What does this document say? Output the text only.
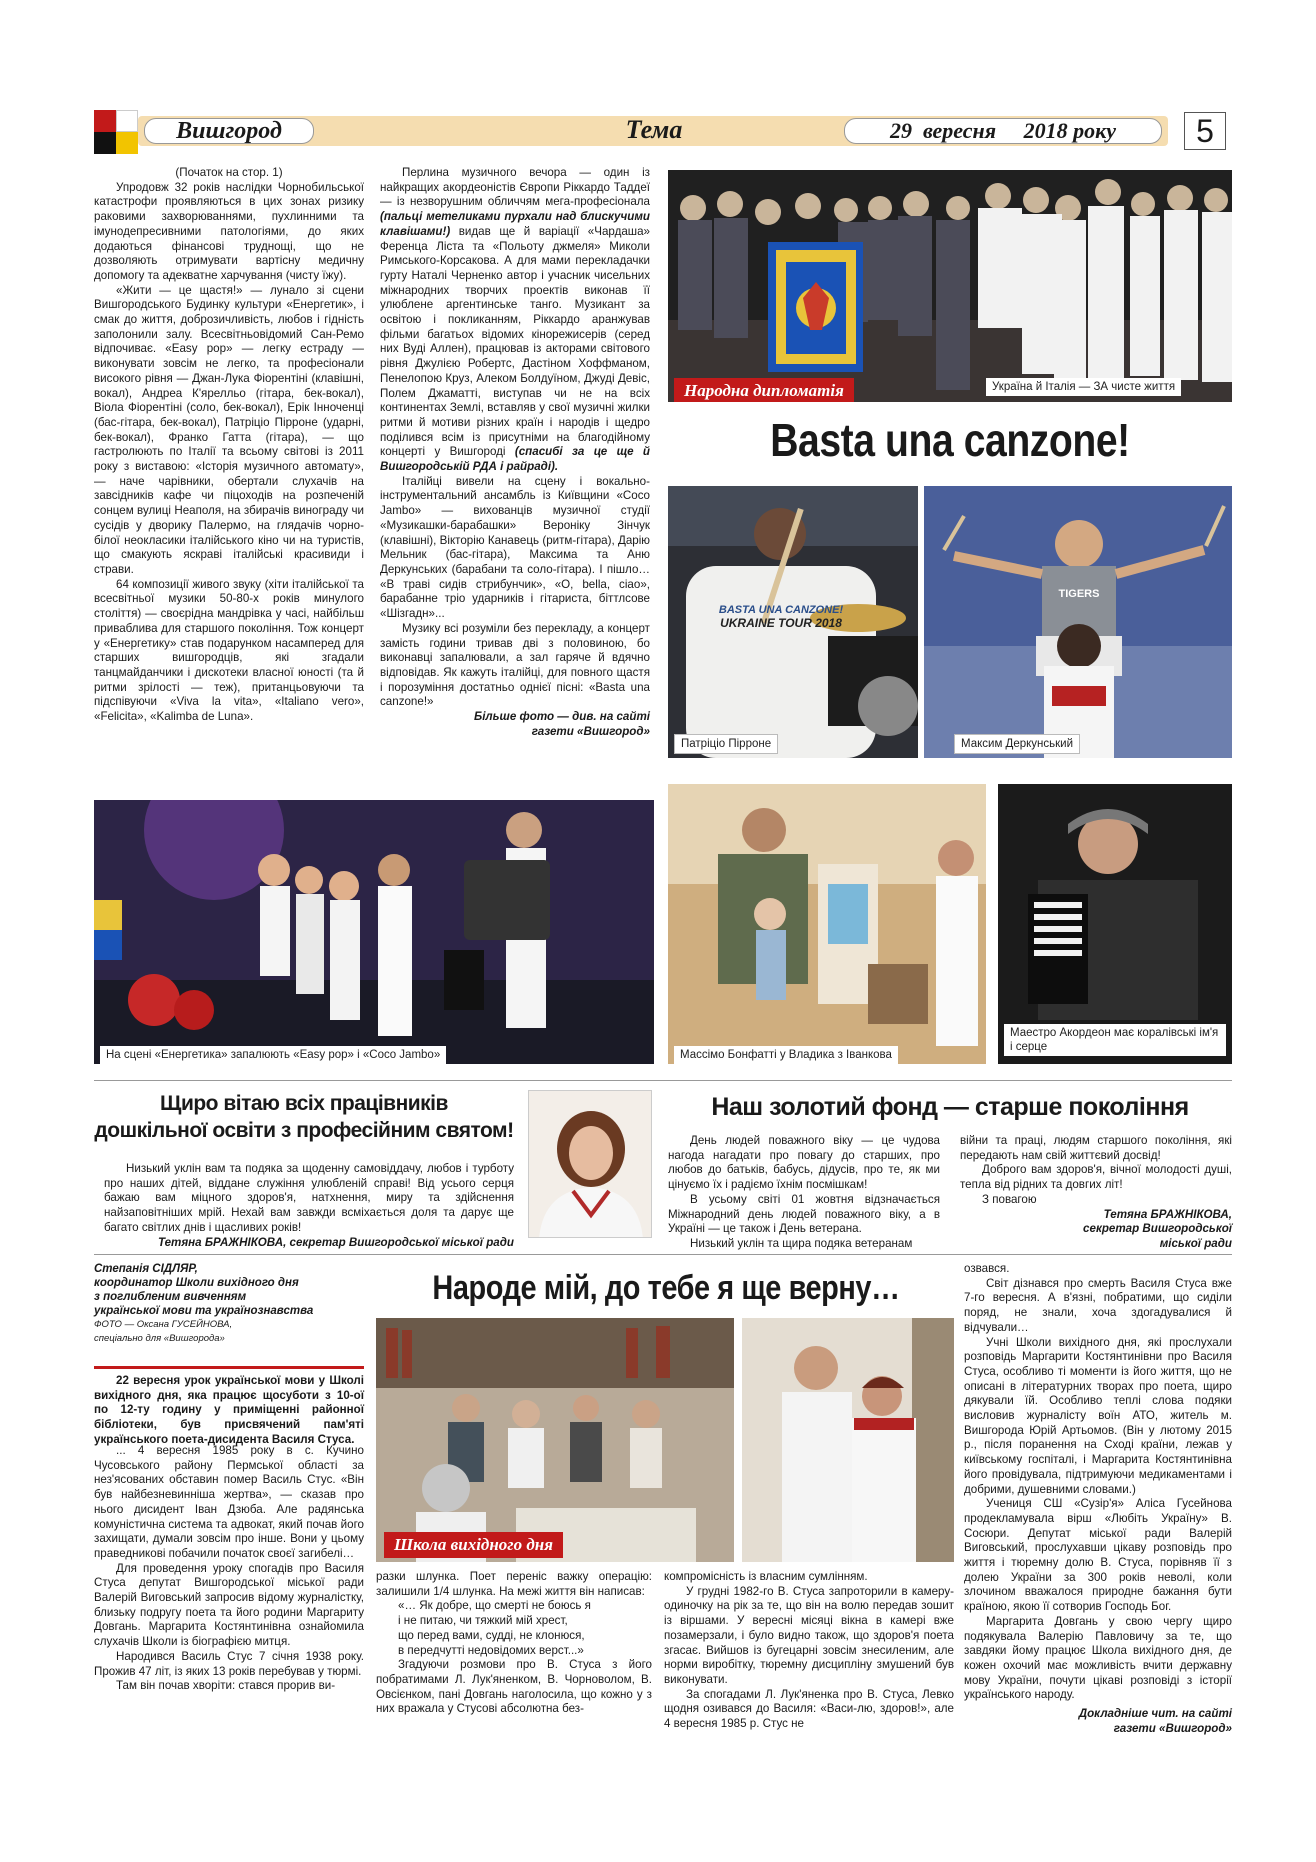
Вишгород	Тема	29  вересня     2018 року	5

(Початок на стор. 1)

Упродовж 32 років наслідки Чорнобильської катастрофи проявляються в цих зонах ризику раковими захворюваннями, пухлинними та імунодепресивними патологіями, до яких додаються фінансові труднощі, що не дозволяють отримувати вартісну медичну допомогу та адекватне харчування (чисту їжу).

«Жити — це щастя!» — лунало зі сцени Вишгородського Будинку культури «Енергетик», і смак до життя, доброзичливість, любов і гідність заполонили залу. Всесвітньовідомий Сан-Ремо відпочиває. «Easy pop» — легку естраду — виконувати зовсім не легко, та професіонали високого рівня — Джан-Лука Фіорентіні (клавішні, вокал), Андреа К'ярелльо (гітара, бек-вокал), Віола Фіорентіні (соло, бек-вокал), Ерік Інноченці (бас-гітара, бек-вокал), Патріціо Пірроне (ударні, бек-вокал), Франко Гатта (гітара), — що гастролюють по Італії та всьому світові із 2011 року з виставою: «Історія музичного автомату», — наче чарівники, обертали слухачів на завсідників кафе чи піцоходів на розпеченій сонцем вулиці Неаполя, на збирачів винограду чи сусідів у дворику Палермо, на глядачів чорно-білої неокласики італійського кіно чи на туристів, що смакують яскраві італійські красивиди і страви.

64 композиції живого звуку (хіти італійської та всесвітньої музики 50-80-х років минулого століття) — своєрідна мандрівка у часі, найбільш приваблива для старшого покоління. Тож концерт у «Енергетику» став подарунком насамперед для старших вишгородців, які згадали танцмайданчики і дискотеки власної юності (та й ритми зрілості — теж), пританцьовуючи та підспівуючи «Viva la vita», «Italiano vero», «Felicita», «Kalimba de Luna».

Перлина музичного вечора — один із найкращих акордеоністів Європи Ріккардо Таддеї — із незворушним обличчям мега-професіонала (пальці метеликами пурхали над блискучими клавішами!) видав ще й варіації «Чардаша» Ференца Ліста та «Польоту джмеля» Миколи Римського-Корсакова. А для мами перекладачки гурту Наталі Черненко автор і учасник чисельних міжнародних творчих проектів виконав її улюблене аргентинське танго. Музикант за освітою і покликанням, Ріккардо аранжував фільми багатьох відомих кінорежисерів (серед них Вуді Аллен), працював із акторами світового рівня Джулією Робертс, Дастіном Хоффманом, Пенелопою Круз, Алеком Болдуїном, Джуді Девіс, Полем Джаматті, виступав чи не на всіх континентах Землі, вставляв у свої музичні жилки ритми й мотиви різних країн і народів і щедро поділився всім із присутніми на благодійному концерті у Вишгороді (спасибі за це ще й Вишгородській РДА і райраді).

Італійці вивели на сцену і вокально-інструментальний ансамбль із Київщини «Coco Jambo» — вихованців музичної студії «Музикашки-барабашки» Вероніку Зінчук (клавішні), Вікторію Канавець (ритм-гітара), Дарію Мельник (бас-гітара), Максима та Аню Деркунських (барабани та соло-гітара). І пішло… «В траві сидів стрибунчик», «O, bella, ciao», барабанне тріо ударників і гітариста, біттлсове «Шізгадн»...

Музику всі розуміли без перекладу, а концерт замість години тривав дві з половиною, бо виконавці запалювали, а зал гаряче й вдячно відповідав. Як кажуть італійці, для повного щастя і порозуміння достатньо однієї пісні: «Basta una canzone!»

Більше фото — див. на сайті

газети «Вишгород»

Народна дипломатія	Україна й Італія — ЗА чисте життя
Basta una canzone!
BASTA UNA CANZONE!
UKRAINE TOUR 2018
Патріціо Пірроне
TIGERS
Максим Деркунський
На сцені «Енергетика» запалюють «Easy pop» і «Coco Jambo»	Массімо Бонфатті у Владика з Іванкова
Маестро Акордеон має коралівські ім'я і серце
Щиро вітаю всіх працівників
дошкільної освіти з професійним святом!

Низький уклін вам та подяка за щоденну самовіддачу, любов і турботу про наших дітей, віддане служіння улюбленій справі! Від усього серця бажаю вам міцного здоров'я, натхнення, миру та здійснення найзаповітніших мрій. Нехай вам завжди всміхається доля та дарує ще багато світлих днів і щасливих років!

Тетяна БРАЖНІКОВА, секретар Вишгородської міської ради

Наш золотий фонд — старше покоління

День людей поважного віку — це чудова нагода нагадати про повагу до старших, про любов до батьків, бабусь, дідусів, про те, як ми цінуємо їх і радіємо їхнім посмішкам!

В усьому світі 01 жовтня відзначається Міжнародний день людей поважного віку, а в Україні — це також і День ветерана.

Низький уклін та щира подяка ветеранам

війни та праці, людям старшого покоління, які передають нам свій життєвий досвід!

Доброго вам здоров'я, вічної молодості душі, тепла від рідних та довгих літ!

З повагою

Тетяна БРАЖНІКОВА,

секретар Вишгородської

міської ради

Степанія СІДЛЯР,
координатор Школи вихідного дня
з поглибленим вивченням
української мови та українознавства
ФОТО — Оксана ГУСЕЙНОВА,
спеціально для «Вишгорода»

22 вересня урок української мови у Школі вихідного дня, яка працює щосуботи з 10-ої по 12-ту годину у приміщенні районної бібліотеки, був присвячений пам'яті українського поета-дисидента Василя Стуса.

Народе мій, до тебе я ще верну…
Школа вихідного дня

... 4 вересня 1985 року в с. Кучино Чусовського району Пермської області за нез'ясованих обставин помер Василь Стус. «Він був найбезневиннішa жертва», — сказав про нього дисидент Іван Дзюба. Але радянська комуністична система та адвокат, який почав його захищати, думали зовсім про інше. Вони у цьому праведникові побачили початок своєї загибелі…

Для проведення уроку спогадів про Василя Стуса депутат Вишгородської міської ради Валерій Виговський запросив відому журналістку, близьку подругу поета та його родини Маргариту Довгань. Маргарита Костянтинівна ознайомила слухачів Школи із біографією митця.

Народився Василь Стус 7 січня 1938 року. Прожив 47 літ, із яких 13 років перебував у тюрмі.

Там він почав хворіти: стався прорив ви-

разки шлунка. Поет переніс важку операцію: залишили 1/4 шлунка. На межі життя він написав:

«… Як добре, що смерті не боюсь я

і не питаю, чи тяжкий мій хрест,

що перед вами, судді, не клонюся,

в передчутті недовідомих верст...»

Згадуючи розмови про В. Стуса з його побратимами Л. Лук'яненком, В. Чорноволом, В. Овсієнком, пані Довгань наголосила, що кожно у з них вражала у Стусові абсолютна без-

компромісність із власним сумлінням.

У грудні 1982-го В. Стуса запроторили в камеру-одиночку на рік за те, що він на волю передав зошит із віршами. У вересні місяці вікна в камері вже позамерзали, і було видно також, що здоров'я поета згасає. Вийшов із бугецарні зовсім знесиленим, але норми виробітку, тюремну дисципліну змушений був виконувати.

За спогадами Л. Лук'яненка про В. Стуса, Левко щодня озивався до Василя: «Васи-лю, здоров!», але 4 вересня 1985 р. Стус не

озвався.

Світ дізнався про смерть Василя Стуса вже 7-го вересня. А в'язні, побратими, що сиділи поряд, не знали, хоча здогадувалися й відчували…

Учні Школи вихідного дня, які прослухали розповідь Маргарити Костянтинівни про Василя Стуса, особливо ті моменти із його життя, що не описані в літературних творах про поета, щиро дякували їй. Особливо теплі слова подяки висловив журналісту воїн АТО, житель м. Вишгорода Юрій Артьомов. (Він у лютому 2015 р., після поранення на Сході країни, лежав у київському госпіталі, і Маргарита Костянтинівна його провідувала, підтримуючи медикаментами і добрими, душевними словами.)

Учениця СШ «Сузір'я» Аліса Гусейнова продекламувала вірш «Любіть Україну» В. Сосюри. Депутат міської ради Валерій Виговський, прослухавши цікаву розповідь про життя і тюремну долю В. Стуса, порівняв її з долею України за 300 років неволі, коли злочином вважалося природне бажання бути країною, якою її сотворив Господь Бог.

Маргарита Довгань у свою чергу щиро подякувала Валерію Павловичу за те, що завдяки йому працює Школа вихідного дня, де кожен охочий має можливість вчити державну мову України, почути цікаві розповіді з історії українського народу.

Докладніше чит. на сайті

газети «Вишгород»
